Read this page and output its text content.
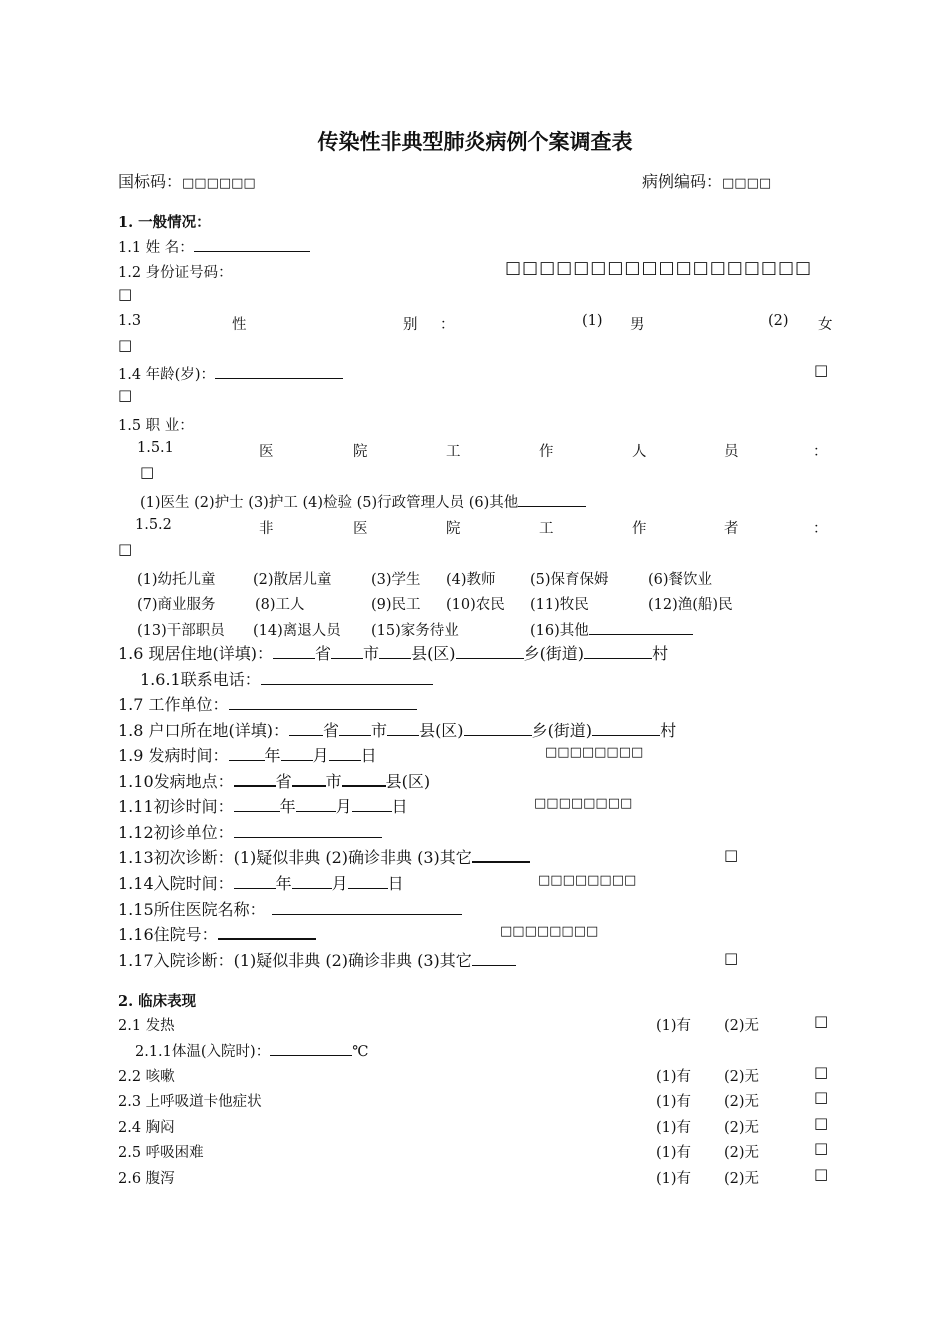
传染性非典型肺炎病例个案调查表
国标码：□□□□□□	病例编码：□□□□
1. 一般情况：
1.1 姓 名：
1.2 身份证号码：	□□□□□□□□□□□□□□□□□□
□
1.3	性	别 ：	(1) 男	(2) 女
□
1.4 年龄(岁)：	□
□
1.5 职 业：
1.5.1	医	院	工	作	人	员	：
□
(1)医生 (2)护士 (3)护工 (4)检验 (5)行政管理人员 (6)其他
1.5.2	非	医	院	工	作	者	：
□
(1)幼托儿童	(2)散居儿童	(3)学生 (4)教师 (5)保育保姆	(6)餐饮业
(7)商业服务	(8)工人	(9)民工 (10)农民 (11)牧民	(12)渔(船)民
(13)干部职员 (14)离退人员 (15)家务待业	(16)其他
1.6 现居住地(详填)：	省 市 县(区)	乡(街道)	村
1.6.1联系电话：
1.7 工作单位：
1.8 户口所在地(详填)： 省 市 县(区)	乡(街道)	村
1.9 发病时间： 年 月 日	□□□□□□□□
1.10发病地点：	省 市	县(区)
1.11初诊时间：	年	月	日	□□□□□□□□
1.12初诊单位：
1.13初次诊断：(1)疑似非典 (2)确诊非典 (3)其它	□
1.14入院时间：	年	月	日	□□□□□□□□
1.15所住医院名称：
1.16住院号：	□□□□□□□□
1.17入院诊断：(1)疑似非典 (2)确诊非典 (3)其它	□
2. 临床表现
2.1 发热	(1)有 (2)无	□
2.1.1体温(入院时)：	℃
2.2 咳嗽	(1)有 (2)无	□
2.3 上呼吸道卡他症状	(1)有 (2)无	□
2.4 胸闷	(1)有 (2)无	□
2.5 呼吸困难	(1)有 (2)无	□
2.6 腹泻	(1)有 (2)无	□
